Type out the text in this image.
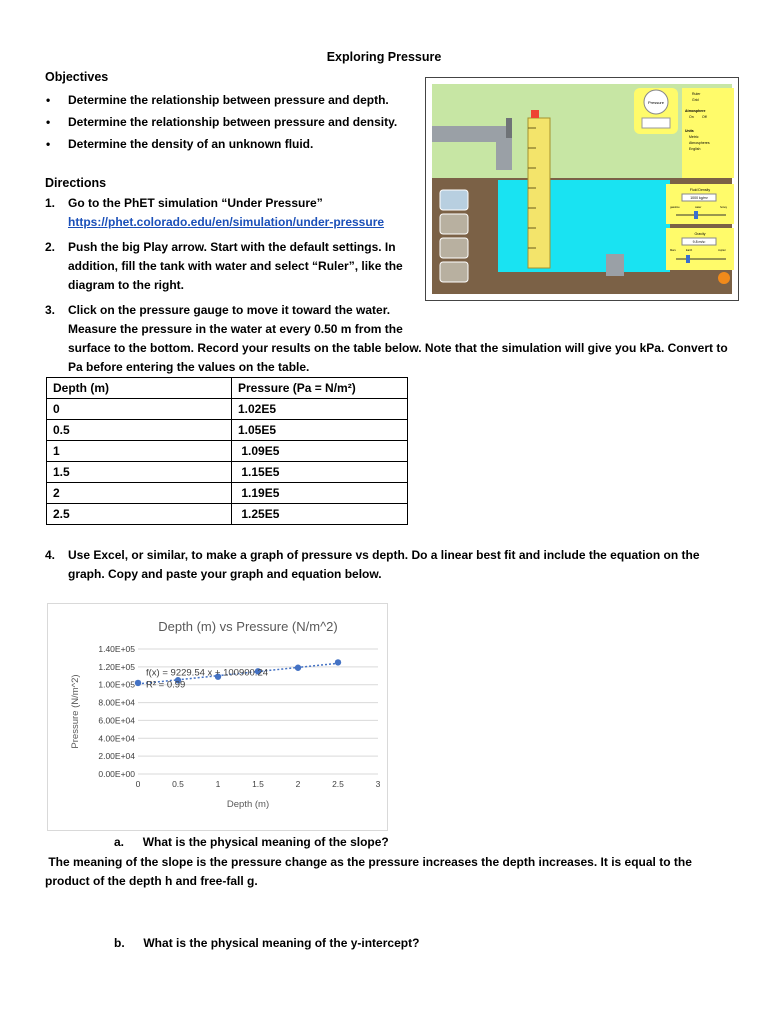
Exploring Pressure
Objectives
• Determine the relationship between pressure and depth.
• Determine the relationship between pressure and density.
• Determine the density of an unknown fluid.
Directions
1. Go to the PhET simulation “Under Pressure”
https://phet.colorado.edu/en/simulation/under-pressure
2. Push the big Play arrow. Start with the default settings. In
addition, fill the tank with water and select “Ruler”, like the
diagram to the right.
3. Click on the pressure gauge to move it toward the water.
Measure the pressure in the water at every 0.50 m from the
surface to the bottom. Record your results on the table below. Note that the simulation will give you kPa. Convert to
Pa before entering the values on the table.
Pressure
Ruler
Grid
Atmosphere
On Off
Units
Metric
Atmospheres
English
Fluid Density
1000 kg/m³
gasoline	water	honey
Gravity
9.8 m/s²
Mars	Earth	Jupiter
Depth (m)	Pressure (Pa = N/m²)
0	1.02E5
0.5	1.05E5
1	1.09E5
1.5	1.15E5
2	1.19E5
2.5	1.25E5
4. Use Excel, or similar, to make a graph of pressure vs depth. Do a linear best fit and include the equation on the
graph. Copy and paste your graph and equation below.
Depth (m) vs Pressure (N/m^2)
0.00E+00
2.00E+04
4.00E+04
6.00E+04
8.00E+04
1.00E+05
1.20E+05
1.40E+05
0	0.5	1	1.5	2	2.5	3
Depth (m)
Pressure (N/m^2)
f(x) = 9229.54 x + 100900.24
R² = 0.99
a. What is the physical meaning of the slope?
The meaning of the slope is the pressure change as the pressure increases the depth increases. It is equal to the
product of the depth h and free-fall g.
b. What is the physical meaning of the y-intercept?
